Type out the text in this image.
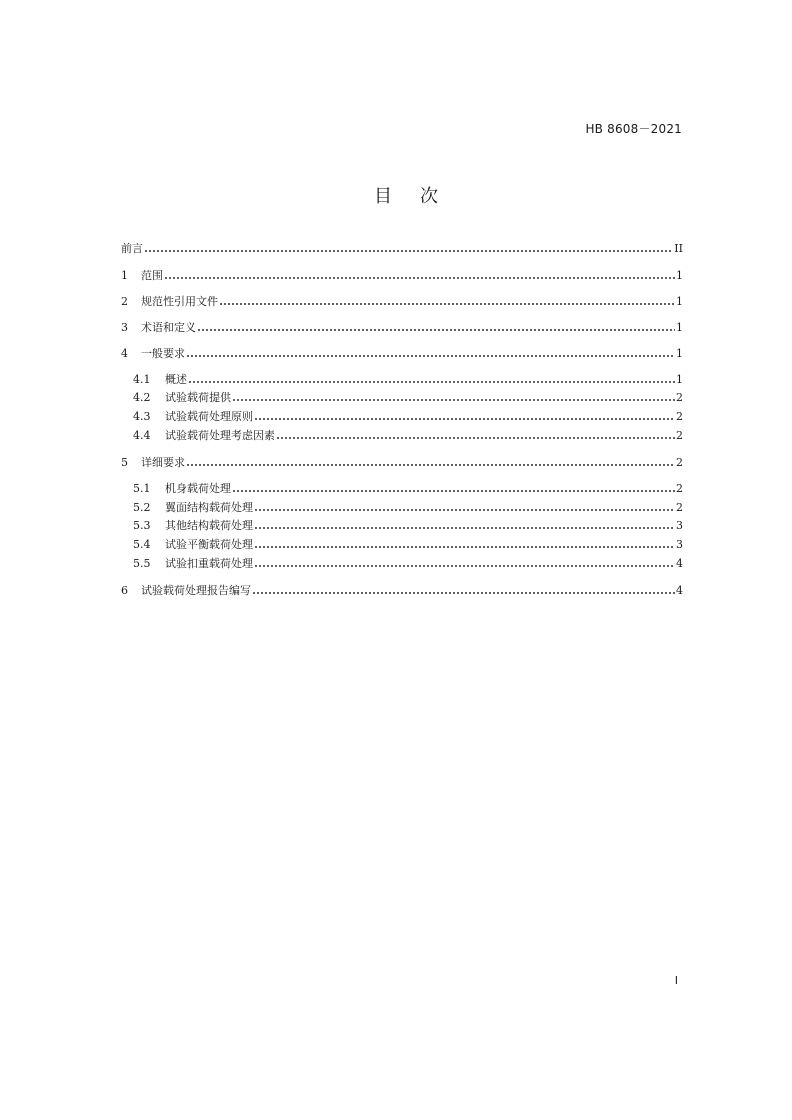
HB 8608－2021
目 次
前言	II
1	范围	1
2	规范性引用文件	1
3	术语和定义	1
4	一般要求	1
4.1	概述	1
4.2	试验载荷提供	2
4.3	试验载荷处理原则	2
4.4	试验载荷处理考虑因素	2
5	详细要求	2
5.1	机身载荷处理	2
5.2	翼面结构载荷处理	2
5.3	其他结构载荷处理	3
5.4	试验平衡载荷处理	3
5.5	试验扣重载荷处理	4
6	试验载荷处理报告编写	4
I
